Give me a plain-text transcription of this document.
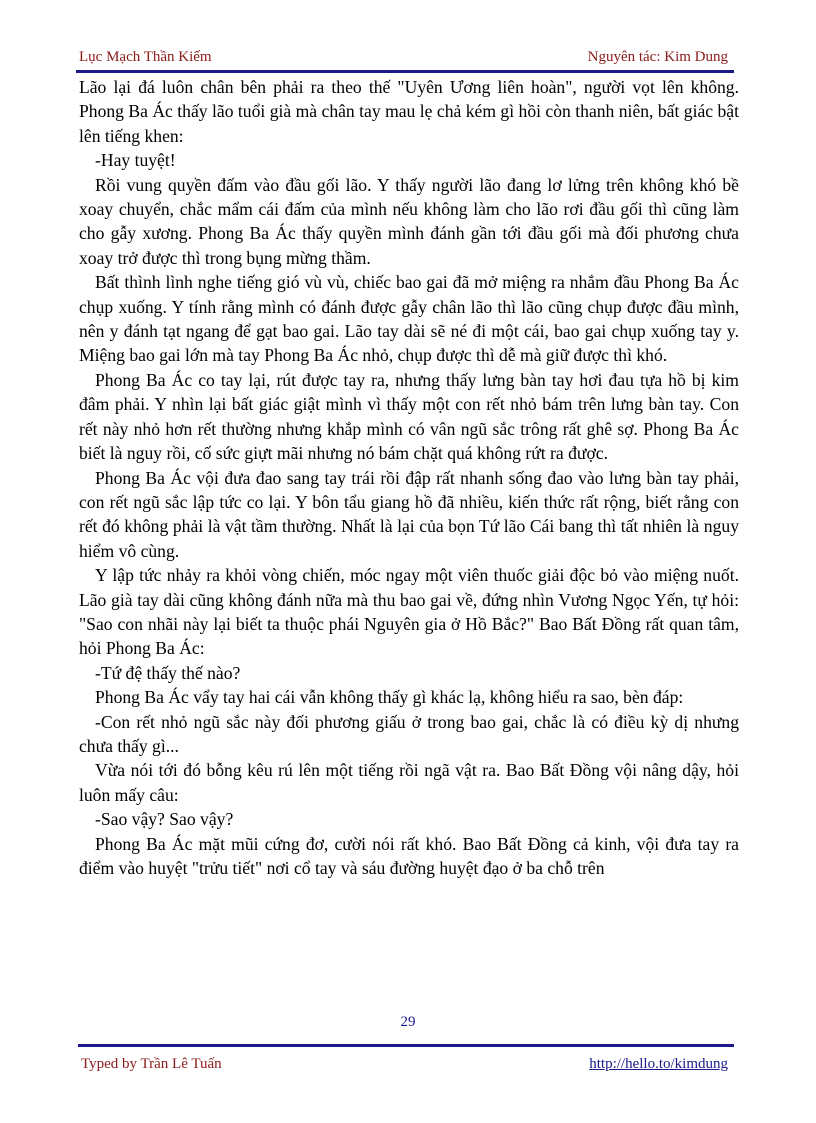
Lục Mạch Thần Kiếm	Nguyên tác: Kim Dung

Lão lại đá luôn chân bên phải ra theo thế "Uyên Ương liên hoàn", người vọt lên không. Phong Ba Ác thấy lão tuổi già mà chân tay mau lẹ chả kém gì hồi còn thanh niên, bất giác bật lên tiếng khen:

-Hay tuyệt!

Rồi vung quyền đấm vào đầu gối lão. Y thấy người lão đang lơ lửng trên không khó bề xoay chuyển, chắc mẩm cái đấm của mình nếu không làm cho lão rơi đầu gối thì cũng làm cho gẫy xương. Phong Ba Ác thấy quyền mình đánh gần tới đầu gối mà đối phương chưa xoay trở được thì trong bụng mừng thầm.

Bất thình lình nghe tiếng gió vù vù, chiếc bao gai đã mở miệng ra nhắm đầu Phong Ba Ác chụp xuống. Y tính rằng mình có đánh được gẫy chân lão thì lão cũng chụp được đầu mình, nên y đánh tạt ngang để gạt bao gai. Lão tay dài sẽ né đi một cái, bao gai chụp xuống tay y. Miệng bao gai lớn mà tay Phong Ba Ác nhỏ, chụp được thì dễ mà giữ được thì khó.

Phong Ba Ác co tay lại, rút được tay ra, nhưng thấy lưng bàn tay hơi đau tựa hồ bị kim đâm phải. Y nhìn lại bất giác giật mình vì thấy một con rết nhỏ bám trên lưng bàn tay. Con rết này nhỏ hơn rết thường nhưng khắp mình có vân ngũ sắc trông rất ghê sợ. Phong Ba Ác biết là nguy rồi, cố sức giựt mãi nhưng nó bám chặt quá không rứt ra được.

Phong Ba Ác vội đưa đao sang tay trái rồi đập rất nhanh sống đao vào lưng bàn tay phải, con rết ngũ sắc lập tức co lại. Y bôn tẩu giang hồ đã nhiều, kiến thức rất rộng, biết rằng con rết đó không phải là vật tầm thường. Nhất là lại của bọn Tứ lão Cái bang thì tất nhiên là nguy hiểm vô cùng.

Y lập tức nhảy ra khỏi vòng chiến, móc ngay một viên thuốc giải độc bỏ vào miệng nuốt. Lão già tay dài cũng không đánh nữa mà thu bao gai về, đứng nhìn Vương Ngọc Yến, tự hỏi: "Sao con nhãi này lại biết ta thuộc phái Nguyên gia ở Hồ Bắc?" Bao Bất Đồng rất quan tâm, hỏi Phong Ba Ác:

-Tứ đệ thấy thế nào?

Phong Ba Ác vẩy tay hai cái vẫn không thấy gì khác lạ, không hiểu ra sao, bèn đáp:

-Con rết nhỏ ngũ sắc này đối phương giấu ở trong bao gai, chắc là có điều kỳ dị nhưng chưa thấy gì...

Vừa nói tới đó bỗng kêu rú lên một tiếng rồi ngã vật ra. Bao Bất Đồng vội nâng dậy, hỏi luôn mấy câu:

-Sao vậy? Sao vậy?

Phong Ba Ác mặt mũi cứng đơ, cười nói rất khó. Bao Bất Đồng cả kinh, vội đưa tay ra điểm vào huyệt "trửu tiết" nơi cổ tay và sáu đường huyệt đạo ở ba chỗ trên

29
Typed by Trần Lê Tuấn	http://hello.to/kimdung
